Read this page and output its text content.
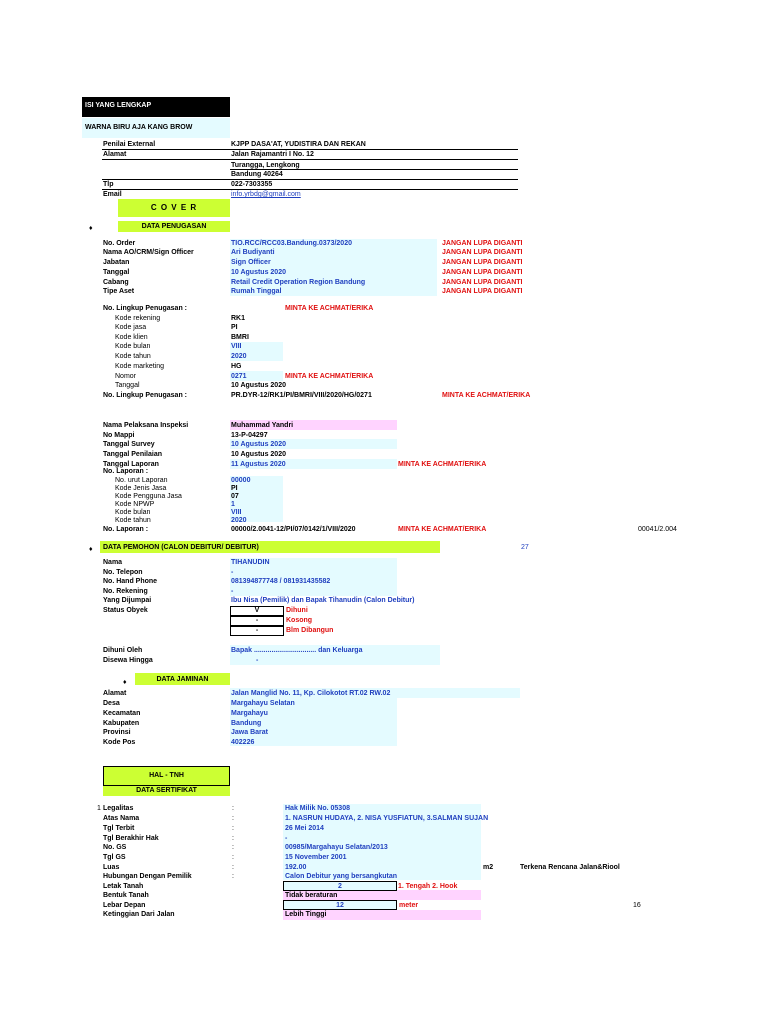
ISI YANG LENGKAP
WARNA BIRU AJA KANG BROW
Penilai External	KJPP DASA'AT, YUDISTIRA DAN REKAN
Alamat	Jalan Rajamantri I No. 12
Turangga, Lengkong
Bandung 40264
Tlp	022-7303355
Email	info.yrbdg@gmail.com
C O V E R
♦	DATA PENUGASAN
No. Order	TIO.RCC/RCC03.Bandung.0373/2020	JANGAN LUPA DIGANTI
Nama AO/CRM/Sign Officer	Ari Budiyanti	JANGAN LUPA DIGANTI
Jabatan	Sign Officer	JANGAN LUPA DIGANTI
Tanggal	10 Agustus 2020	JANGAN LUPA DIGANTI
Cabang	Retail Credit Operation Region Bandung	JANGAN LUPA DIGANTI
Tipe Aset	Rumah Tinggal	JANGAN LUPA DIGANTI
No. Lingkup Penugasan :	MINTA KE ACHMAT/ERIKA
Kode rekening	RK1
Kode jasa	PI
Kode klien	BMRI
Kode bulan	VIII
Kode tahun	2020
Kode marketing	HG
Nomor	0271	MINTA KE ACHMAT/ERIKA
Tanggal	10 Agustus 2020
No. Lingkup Penugasan :	PR.DYR-12/RK1/PI/BMRI/VIII/2020/HG/0271	MINTA KE ACHMAT/ERIKA
Nama Pelaksana Inspeksi	Muhammad Yandri
No Mappi	13-P-04297
Tanggal Survey	10 Agustus 2020
Tanggal Penilaian	10 Agustus 2020
Tanggal Laporan	11 Agustus 2020	MINTA KE ACHMAT/ERIKA
No. Laporan :
No. urut Laporan	00000
Kode Jenis Jasa	PI
Kode Pengguna Jasa	07
Kode NPWP	1
Kode bulan	VIII
Kode tahun	2020
No. Laporan :	00000/2.0041-12/PI/07/0142/1/VIII/2020	MINTA KE ACHMAT/ERIKA	00041/2.004
♦ DATA PEMOHON (CALON DEBITUR/ DEBITUR)	27
Nama	TIHANUDIN
No. Telepon	-
No. Hand Phone	081394877748 / 081931435582
No. Rekening	-
Yang Dijumpai	Ibu Nisa (Pemilik) dan Bapak Tihanudin (Calon Debitur)
Status Obyek	V	Dihuni
-	Kosong
-	Blm Dibangun
Dihuni Oleh	Bapak ................................ dan Keluarga
Disewa Hingga	-
♦	DATA JAMINAN
Alamat	Jalan Manglid No. 11, Kp. Cilokotot RT.02 RW.02
Desa	Margahayu Selatan
Kecamatan	Margahayu
Kabupaten	Bandung
Provinsi	Jawa Barat
Kode Pos	402226
HAL - TNH
DATA SERTIFIKAT
1 Legalitas	:	Hak Milik No. 05308
Atas Nama	:	1. NASRUN HUDAYA, 2. NISA YUSFIATUN, 3.SALMAN SUJAN
Tgl Terbit	:	26 Mei 2014
Tgl Berakhir Hak	:	-
No. GS	:	00985/Margahayu Selatan/2013
Tgl GS	:	15 November 2001
Luas	:	192.00	m2	Terkena Rencana Jalan&Riool
Hubungan Dengan Pemilik	:	Calon Debitur yang bersangkutan
Letak Tanah	2	1. Tengah 2. Hook
Bentuk Tanah	Tidak beraturan
Lebar Depan	12	meter	16
Ketinggian Dari Jalan	Lebih Tinggi
